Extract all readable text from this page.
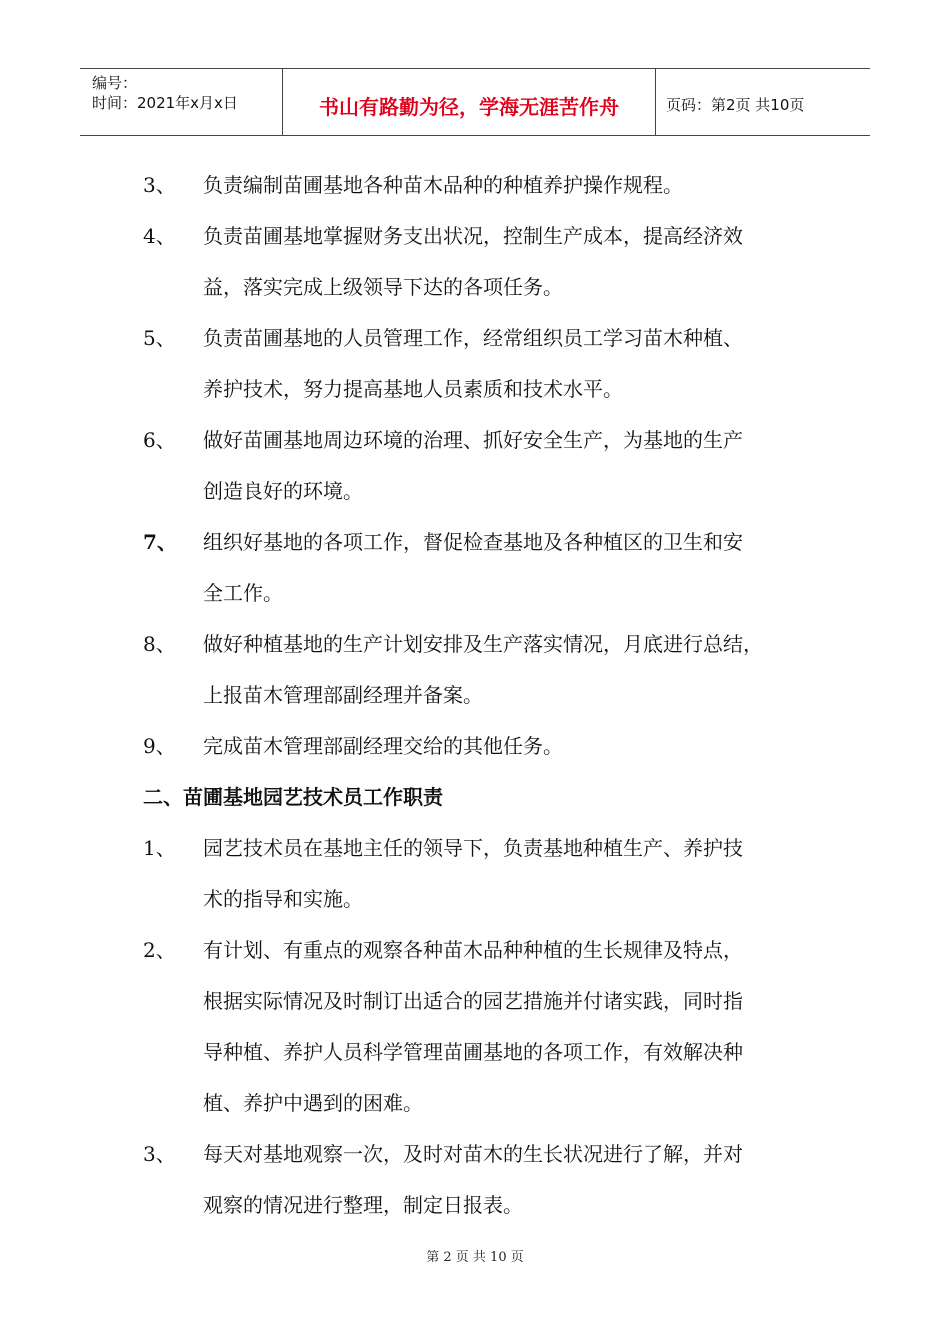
编号：
时间：2021年x月x日	书山有路勤为径，学海无涯苦作舟	页码：第2页 共10页
3、	负责编制苗圃基地各种苗木品种的种植养护操作规程。
4、	负责苗圃基地掌握财务支出状况，控制生产成本，提高经济效
益，落实完成上级领导下达的各项任务。
5、	负责苗圃基地的人员管理工作，经常组织员工学习苗木种植、
养护技术，努力提高基地人员素质和技术水平。
6、	做好苗圃基地周边环境的治理、抓好安全生产，为基地的生产
创造良好的环境。
7、	组织好基地的各项工作，督促检查基地及各种植区的卫生和安
全工作。
8、	做好种植基地的生产计划安排及生产落实情况，月底进行总结，
上报苗木管理部副经理并备案。
9、	完成苗木管理部副经理交给的其他任务。
二、苗圃基地园艺技术员工作职责
1、	园艺技术员在基地主任的领导下，负责基地种植生产、养护技
术的指导和实施。
2、	有计划、有重点的观察各种苗木品种种植的生长规律及特点，
根据实际情况及时制订出适合的园艺措施并付诸实践，同时指
导种植、养护人员科学管理苗圃基地的各项工作，有效解决种
植、养护中遇到的困难。
3、	每天对基地观察一次，及时对苗木的生长状况进行了解，并对
观察的情况进行整理，制定日报表。
第 2 页 共 10 页
